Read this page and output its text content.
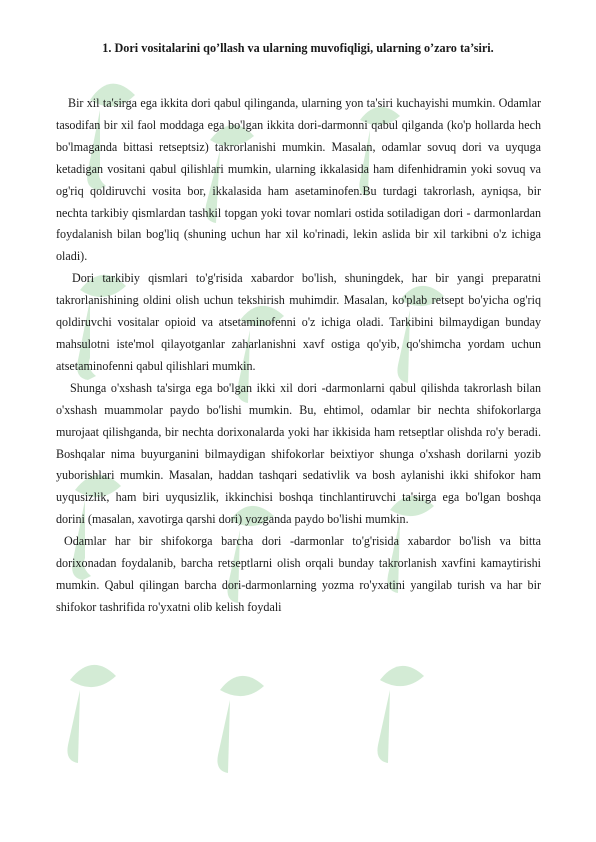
1. Dori vositalarini qo’llash va ularning muvofiqligi, ularning o’zaro ta’siri.

Bir xil ta'sirga ega ikkita dori qabul qilinganda, ularning yon ta'siri kuchayishi mumkin. Odamlar tasodifan bir xil faol moddaga ega bo'lgan ikkita dori-darmonni qabul qilganda (ko'p hollarda hech bo'lmaganda bittasi retseptsiz) takrorlanishi mumkin. Masalan, odamlar sovuq dori va uyquga ketadigan vositani qabul qilishlari mumkin, ularning ikkalasida ham difenhidramin yoki sovuq va og'riq qoldiruvchi vosita bor, ikkalasida ham asetaminofen.Bu turdagi takrorlash, ayniqsa, bir nechta tarkibiy qismlardan tashkil topgan yoki tovar nomlari ostida sotiladigan dori - darmonlardan foydalanish bilan bog'liq (shuning uchun har xil ko'rinadi, lekin aslida bir xil tarkibni o'z ichiga oladi).

Dori tarkibiy qismlari to'g'risida xabardor bo'lish, shuningdek, har bir yangi preparatni takrorlanishining oldini olish uchun tekshirish muhimdir. Masalan, ko'plab retsept bo'yicha og'riq qoldiruvchi vositalar opioid va atsetaminofenni o'z ichiga oladi. Tarkibini bilmaydigan bunday mahsulotni iste'mol qilayotganlar zaharlanishni xavf ostiga qo'yib, qo'shimcha yordam uchun atsetaminofenni qabul qilishlari mumkin.

Shunga o'xshash ta'sirga ega bo'lgan ikki xil dori -darmonlarni qabul qilishda takrorlash bilan o'xshash muammolar paydo bo'lishi mumkin. Bu, ehtimol, odamlar bir nechta shifokorlarga murojaat qilishganda, bir nechta dorixonalarda yoki har ikkisida ham retseptlar olishda ro'y beradi. Boshqalar nima buyurganini bilmaydigan shifokorlar beixtiyor shunga o'xshash dorilarni yozib yuborishlari mumkin. Masalan, haddan tashqari sedativlik va bosh aylanishi ikki shifokor ham uyqusizlik, ham biri uyqusizlik, ikkinchisi boshqa tinchlantiruvchi ta'sirga ega bo'lgan boshqa dorini (masalan, xavotirga qarshi dori) yozganda paydo bo'lishi mumkin.

Odamlar har bir shifokorga barcha dori -darmonlar to'g'risida xabardor bo'lish va bitta dorixonadan foydalanib, barcha retseptlarni olish orqali bunday takrorlanish xavfini kamaytirishi mumkin. Qabul qilingan barcha dori-darmonlarning yozma ro'yxatini yangilab turish va har bir shifokor tashrifida ro'yxatni olib kelish foydali
